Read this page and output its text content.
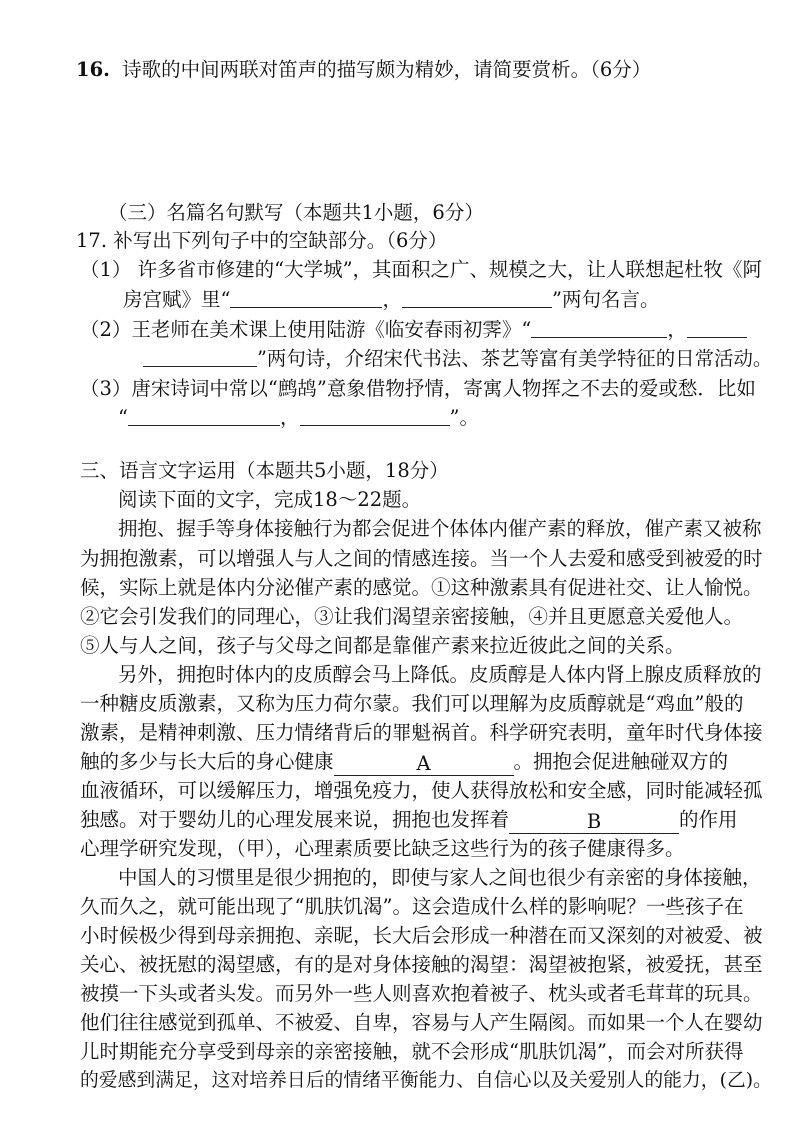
16. 诗歌的中间两联对笛声的描写颇为精妙，请简要赏析。（6分）
（三）名篇名句默写（本题共1小题，6分）
17. 补写出下列句子中的空缺部分。（6分）
（1） 许多省市修建的“大学城”，其面积之广、规模之大，让人联想起杜牧《阿
房宫赋》里“	，	”两句名言。
（2）王老师在美术课上使用陆游《临安春雨初霁》“	，
”两句诗，介绍宋代书法、茶艺等富有美学特征的日常活动。
（3）唐宋诗词中常以“鹧鸪”意象借物抒情，寄寓人物挥之不去的爱或愁．比如
“	，	”。
三、语言文字运用（本题共5小题，18分）
阅读下面的文字，完成18～22题。
拥抱、握手等身体接触行为都会促进个体体内催产素的释放，催产素又被称
为拥抱激素，可以增强人与人之间的情感连接。当一个人去爱和感受到被爱的时
候，实际上就是体内分泌催产素的感觉。①这种激素具有促进社交、让人愉悦。
②它会引发我们的同理心，③让我们渴望亲密接触，④并且更愿意关爱他人。
⑤人与人之间，孩子与父母之间都是靠催产素来拉近彼此之间的关系。
另外，拥抱时体内的皮质醇会马上降低。皮质醇是人体内肾上腺皮质释放的
一种糖皮质激素，又称为压力荷尔蒙。我们可以理解为皮质醇就是“鸡血”般的
激素，是精神刺激、压力情绪背后的罪魁祸首。科学研究表明，童年时代身体接
触的多少与长大后的身心健康	A	。拥抱会促进触碰双方的
血液循环，可以缓解压力，增强免疫力，使人获得放松和安全感，同时能减轻孤
独感。对于婴幼儿的心理发展来说，拥抱也发挥着	B	的作用
心理学研究发现，（甲），心理素质要比缺乏这些行为的孩子健康得多。
中国人的习惯里是很少拥抱的，即使与家人之间也很少有亲密的身体接触，
久而久之，就可能出现了“肌肤饥渴”。这会造成什么样的影响呢？一些孩子在
小时候极少得到母亲拥抱、亲昵，长大后会形成一种潜在而又深刻的对被爱、被
关心、被抚慰的渴望感，有的是对身体接触的渴望：渴望被抱紧，被爱抚，甚至
被摸一下头或者头发。而另外一些人则喜欢抱着被子、枕头或者毛茸茸的玩具。
他们往往感觉到孤单、不被爱、自卑，容易与人产生隔阂。而如果一个人在婴幼
儿时期能充分享受到母亲的亲密接触，就不会形成“肌肤饥渴”，而会对所获得
的爱感到满足，这对培养日后的情绪平衡能力、自信心以及关爱别人的能力，(乙)。
